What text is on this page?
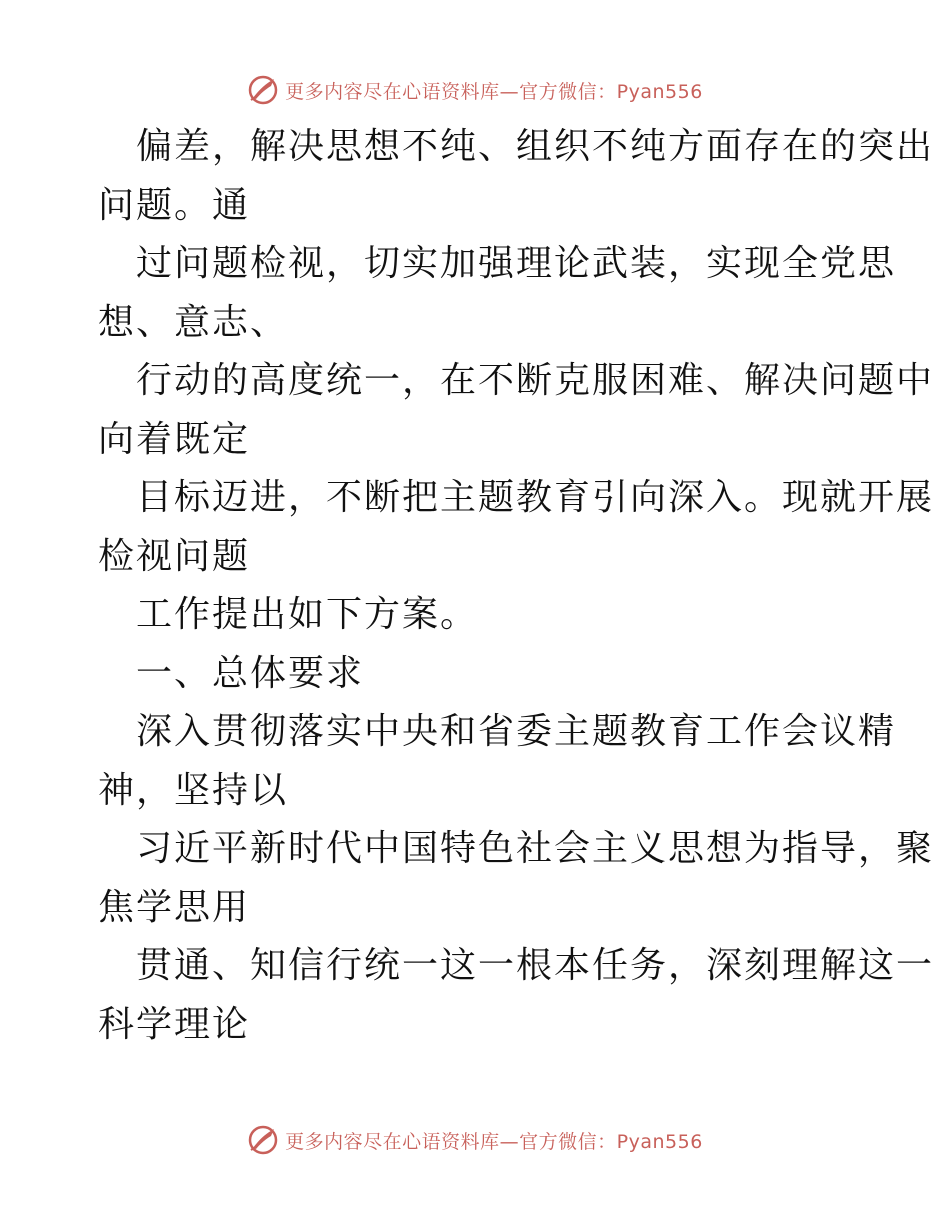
更多内容尽在心语资料库—官方微信：Pyan556
偏差，解决思想不纯、组织不纯方面存在的突出
问题。通
过问题检视，切实加强理论武装，实现全党思
想、意志、
行动的高度统一，在不断克服困难、解决问题中
向着既定
目标迈进，不断把主题教育引向深入。现就开展
检视问题
工作提出如下方案。
一、总体要求
深入贯彻落实中央和省委主题教育工作会议精
神，坚持以
习近平新时代中国特色社会主义思想为指导，聚
焦学思用
贯通、知信行统一这一根本任务，深刻理解这一
科学理论
更多内容尽在心语资料库—官方微信：Pyan556
